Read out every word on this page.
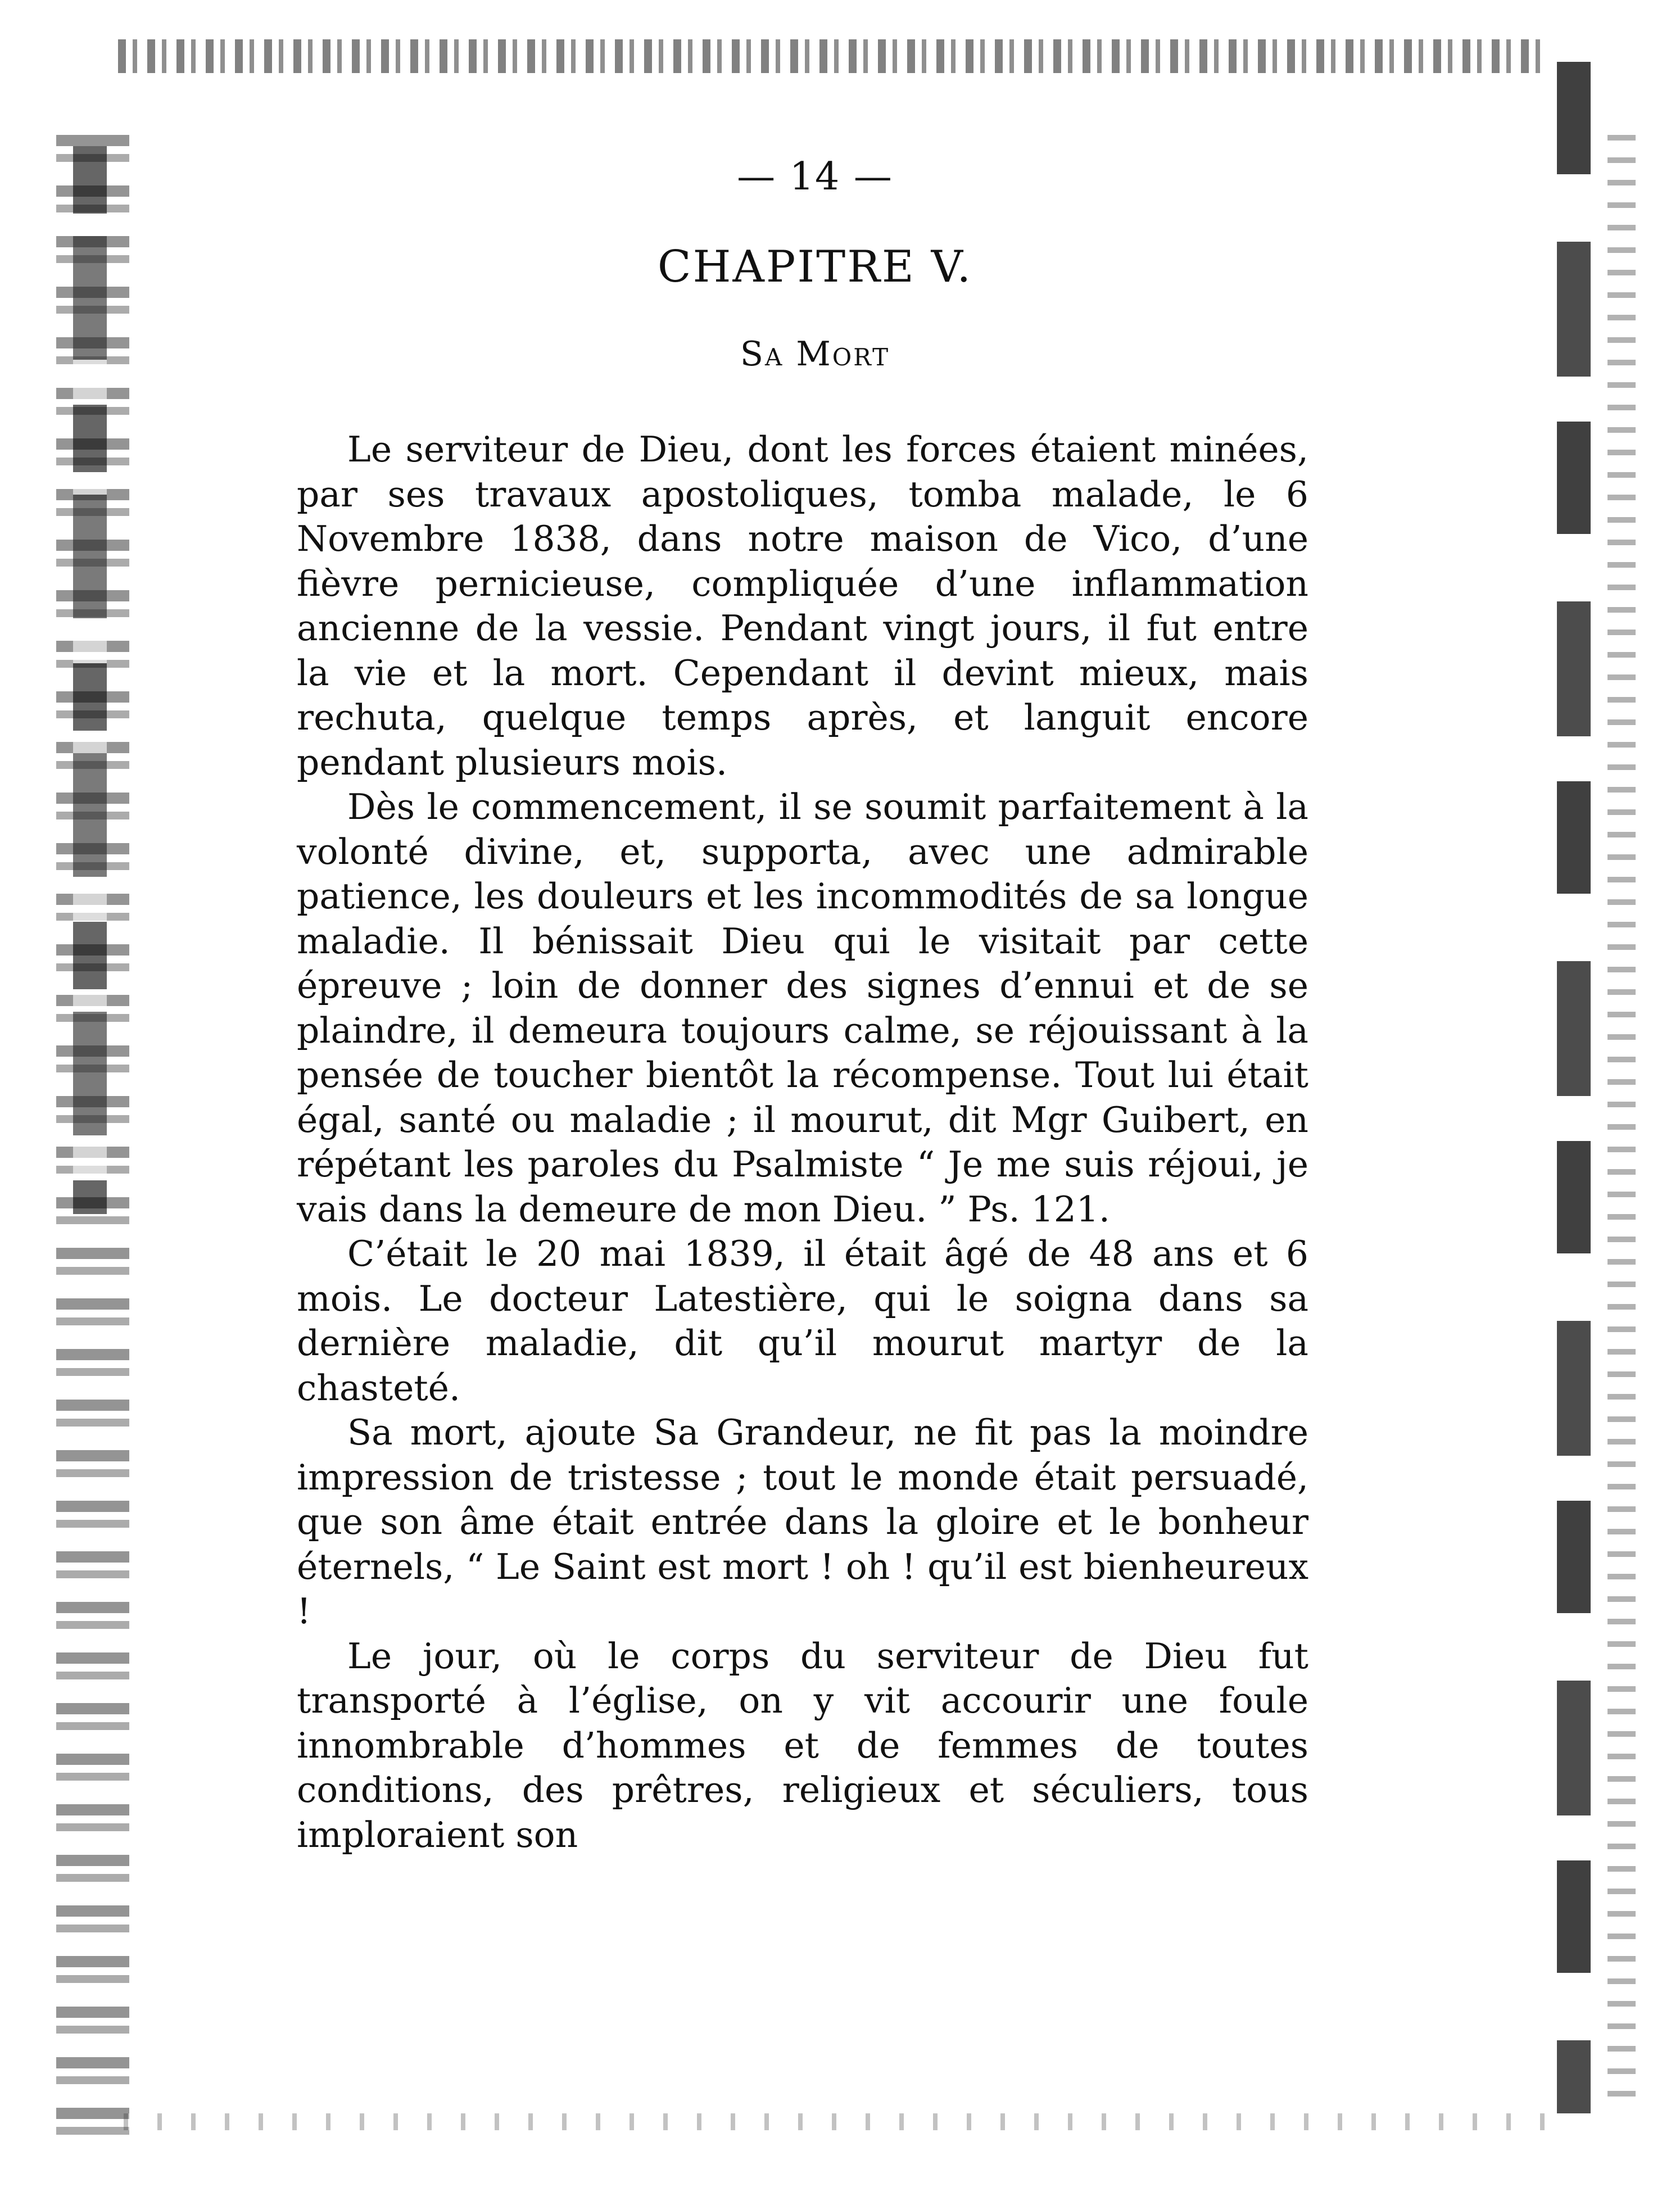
— 14 —
CHAPITRE V.
Sa Mort

Le serviteur de Dieu, dont les forces étaient minées, par ses travaux apostoliques, tomba malade, le 6 Novembre 1838, dans notre maison de Vico, d’une fièvre pernicieuse, compliquée d’une inflammation ancienne de la vessie. Pendant vingt jours, il fut entre la vie et la mort. Cependant il devint mieux, mais rechuta, quelque temps après, et languit encore pendant plusieurs mois.

Dès le commencement, il se soumit parfaitement à la volonté divine, et, supporta, avec une admirable patience, les douleurs et les incommodités de sa longue maladie. Il bénissait Dieu qui le visitait par cette épreuve ; loin de donner des signes d’ennui et de se plaindre, il demeura toujours calme, se réjouissant à la pensée de toucher bientôt la récompense. Tout lui était égal, santé ou maladie ; il mourut, dit Mgr Guibert, en répétant les paroles du Psalmiste “ Je me suis réjoui, je vais dans la demeure de mon Dieu. ” Ps. 121.

C’était le 20 mai 1839, il était âgé de 48 ans et 6 mois. Le docteur Latestière, qui le soigna dans sa dernière maladie, dit qu’il mourut martyr de la chasteté.

Sa mort, ajoute Sa Grandeur, ne fit pas la moindre impression de tristesse ; tout le monde était persuadé, que son âme était entrée dans la gloire et le bonheur éternels, “ Le Saint est mort ! oh ! qu’il est bienheureux !

Le jour, où le corps du serviteur de Dieu fut transporté à l’église, on y vit accourir une foule innombrable d’hommes et de femmes de toutes conditions, des prêtres, religieux et séculiers, tous imploraient son
